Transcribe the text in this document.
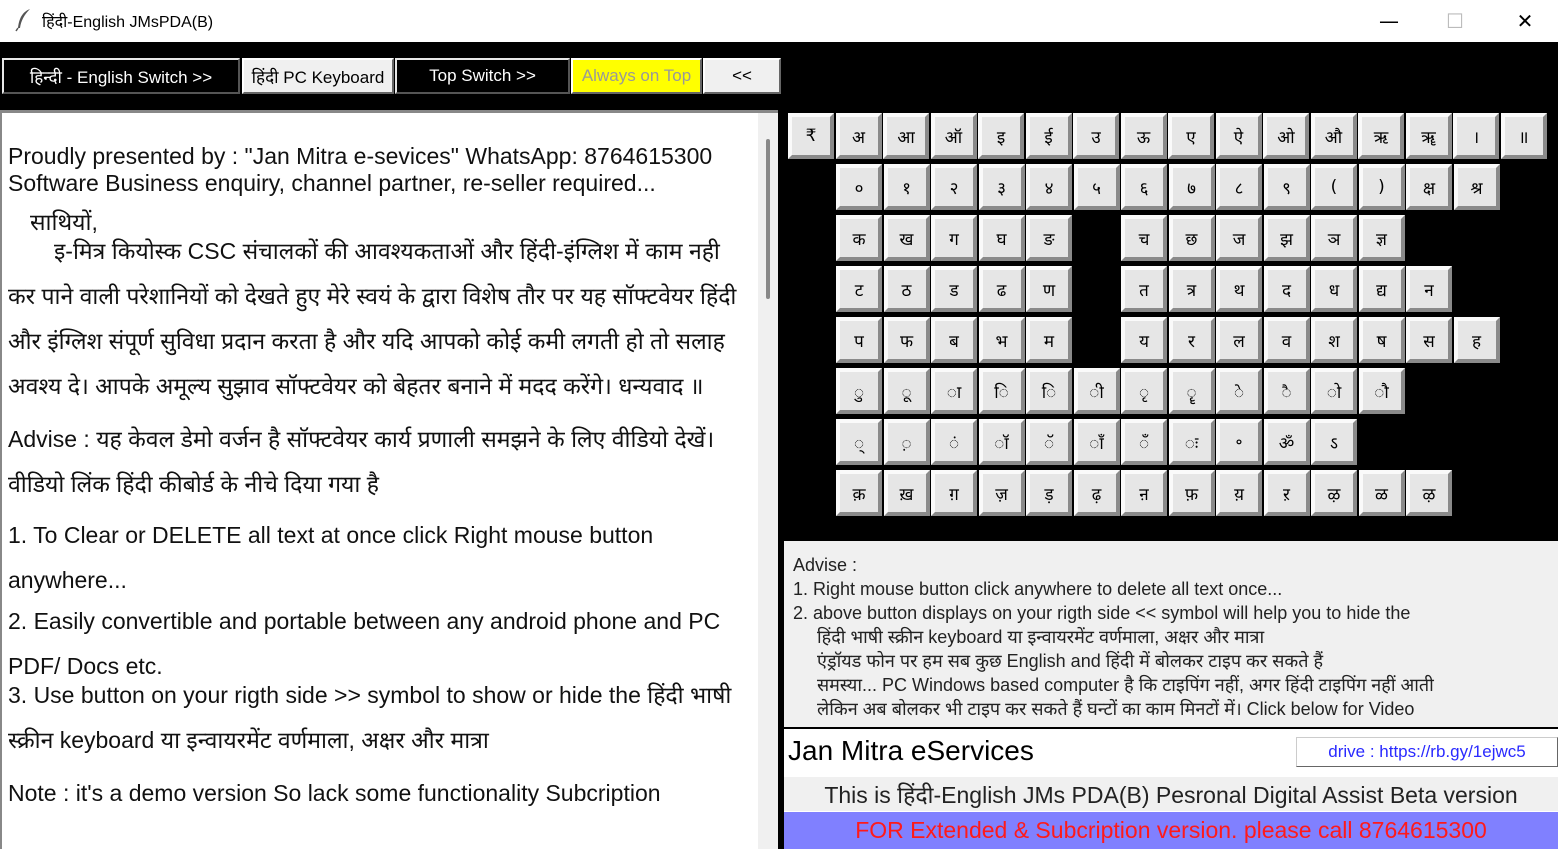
हिंदी-English JMsPDA(B)	—	☐	✕
हिन्दी - English Switch >>	हिंदी PC Keyboard	Top Switch >>	Always on Top	<<

Proudly presented by : "Jan Mitra e-sevices" WhatsApp: 8764615300

Software Business enquiry, channel partner, re-seller required...

साथियों,

इ-मित्र कियोस्क CSC संचालकों की आवश्यकताओं और हिंदी-इंग्लिश में काम नही कर पाने वाली परेशानियों को देखते हुए मेरे स्वयं के द्वारा विशेष तौर पर यह सॉफ्टवेयर हिंदी और इंग्लिश संपूर्ण सुविधा प्रदान करता है और यदि आपको कोई कमी लगती हो तो सलाह अवश्य दे। आपके अमूल्य सुझाव सॉफ्टवेयर को बेहतर बनाने में मदद करेंगे। धन्यवाद ॥

Advise : यह केवल डेमो वर्जन है सॉफ्टवेयर कार्य प्रणाली समझने के लिए वीडियो देखें। वीडियो लिंक हिंदी कीबोर्ड के नीचे दिया गया है

1. To Clear or DELETE all text at once click Right mouse button anywhere...

2. Easily convertible and portable between any android phone and PC PDF/ Docs etc.

3. Use button on your rigth side >> symbol to show or hide the हिंदी भाषी स्क्रीन keyboard या इन्वायरमेंट वर्णमाला, अक्षर और मात्रा

Note : it's a demo version So lack some functionality Subcription

₹	अ	आ	ऑ	इ	ई	उ	ऊ	ए	ऐ	ओ	औ	ऋ	ॠ	।	॥
०	१	२	३	४	५	६	७	८	९	(	)	क्ष	श्र
क	ख	ग	घ	ङ	च	छ	ज	झ	ञ	ज्ञ
ट	ठ	ड	ढ	ण	त	त्र	थ	द	ध	द्य	न
प	फ	ब	भ	म	य	र	ल	व	श	ष	स	ह
ु	ू	ा	ि	ि	ी	ृ	ॄ	े	ै	ो	ौ
्	़	ं	ॉ	ॅ	ॉं	ँ	ः	॰	ॐ	ऽ
क़	ख़	ग़	ज़	ड़	ढ़	ऩ	फ़	य़	ऱ	ऴ	ळ	ऴ
Advise :
1. Right mouse button click anywhere to delete all text once...
2. above button displays on your rigth side << symbol will help you to hide the
हिंदी भाषी स्क्रीन keyboard या इन्वायरमेंट वर्णमाला, अक्षर और मात्रा
एंड्रॉयड फोन पर हम सब कुछ English and हिंदी में बोलकर टाइप कर सकते हैं
समस्या... PC Windows based computer है कि टाइपिंग नहीं, अगर हिंदी टाइपिंग नहीं आती
लेकिन अब बोलकर भी टाइप कर सकते हैं घन्टों का काम मिनटों में। Click below for Video
Jan Mitra eServices	drive : https://rb.gy/1ejwc5
This is हिंदी-English JMs PDA(B) Pesronal Digital Assist Beta version
FOR Extended & Subcription version. please call 8764615300
